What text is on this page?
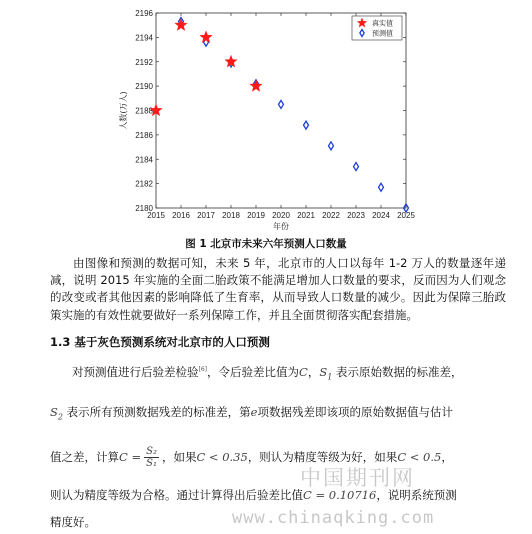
2015 2016 2017 2018 2019 2020 2021 2022 2023 2024 2025
2180
2182
2184
2186
2188
2190
2192
2194
2196
年份
人数(万人)
真实值
预测值
图 1 北京市未来六年预测人口数量
由图像和预测的数据可知，未来 5 年，北京市的人口以每年 1-2 万人的数量逐年递减，说明 2015 年实施的全面二胎政策不能满足增加人口数量的要求，反而因为人们观念的改变或者其他因素的影响降低了生育率，从而导致人口数量的减少。因此为保障三胎政策实施的有效性就要做好一系列保障工作，并且全面贯彻落实配套措施。
1.3 基于灰色预测系统对北京市的人口预测
对预测值进行后验差检验[6]，令后验差比值为C，$S_1$ 表示原始数据的标准差，
$S_2$ 表示所有预测数据残差的标准差，第e项数据残差即该项的原始数据值与估计
值之差，计算$C = \frac{\text{S₂}}{\text{S₁}}$ ，如果C < 0.35，则认为精度等级为好，如果C < 0.5，
则认为精度等级为合格。通过计算得出后验差比值C = 0.10716，说明系统预测
精度好。
中国期刊网
www.chinaqking.com
